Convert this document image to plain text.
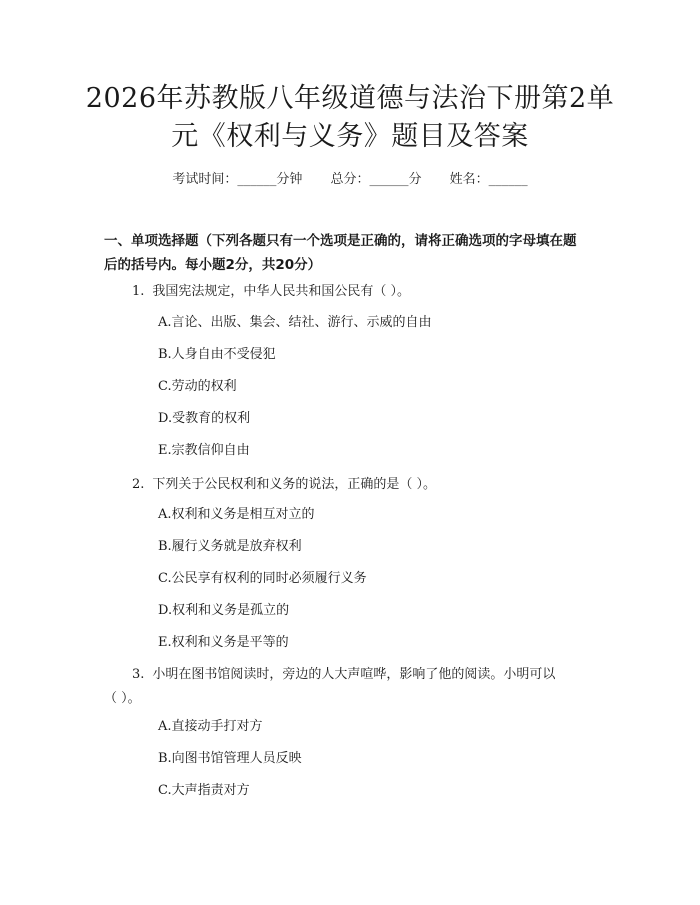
2026年苏教版八年级道德与法治下册第2单
元《权利与义务》题目及答案
考试时间：______分钟 总分：______分 姓名：______
一、单项选择题（下列各题只有一个选项是正确的，请将正确选项的字母填在题
后的括号内。每小题2分，共20分）
1. 我国宪法规定，中华人民共和国公民有（ ）。
A.言论、出版、集会、结社、游行、示威的自由
B.人身自由不受侵犯
C.劳动的权利
D.受教育的权利
E.宗教信仰自由
2. 下列关于公民权利和义务的说法，正确的是（ ）。
A.权利和义务是相互对立的
B.履行义务就是放弃权利
C.公民享有权利的同时必须履行义务
D.权利和义务是孤立的
E.权利和义务是平等的
3. 小明在图书馆阅读时，旁边的人大声喧哗，影响了他的阅读。小明可以
（ ）。
A.直接动手打对方
B.向图书馆管理人员反映
C.大声指责对方
